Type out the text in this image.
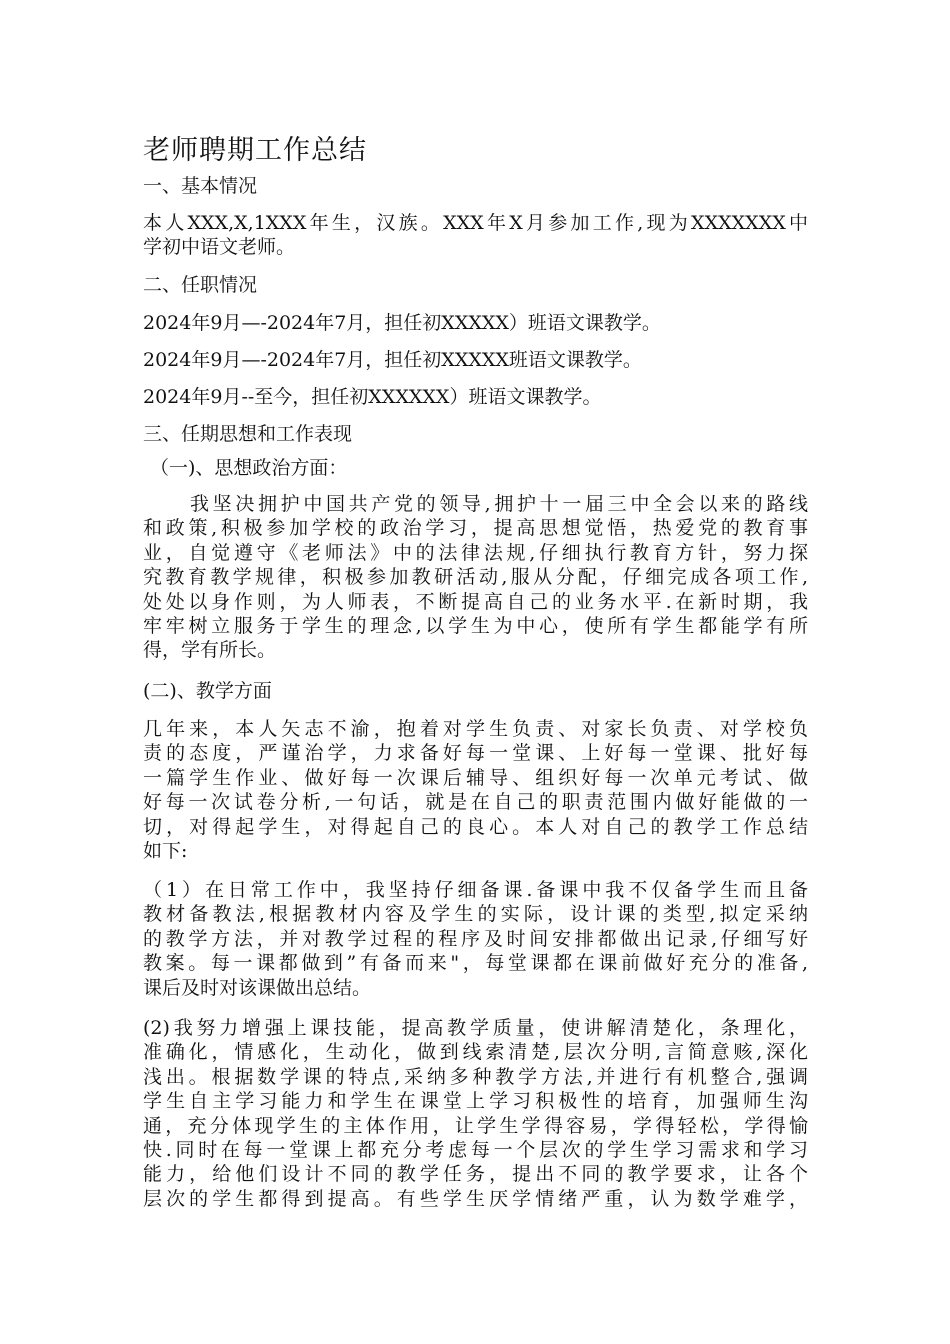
老师聘期工作总结

一、基本情况

本人XXX,X,1XXX年生，汉族。XXX年X月参加工作,现为XXXXXXX中
学初中语文老师。

二、任职情况

2024年9月—-2024年7月，担任初XXXXX）班语文课教学。

2024年9月—-2024年7月，担任初XXXXX班语文课教学。

2024年9月--至今，担任初XXXXXX）班语文课教学。

三、任期思想和工作表现

（一)、思想政治方面：

我坚决拥护中国共产党的领导,拥护十一届三中全会以来的路线
和政策,积极参加学校的政治学习，提高思想觉悟，热爱党的教育事
业，自觉遵守《老师法》中的法律法规,仔细执行教育方针，努力探
究教育教学规律，积极参加教研活动,服从分配，仔细完成各项工作,
处处以身作则，为人师表，不断提高自己的业务水平.在新时期，我
牢牢树立服务于学生的理念,以学生为中心，使所有学生都能学有所
得，学有所长。

(二)、教学方面

几年来，本人矢志不渝，抱着对学生负责、对家长负责、对学校负
责的态度，严谨治学，力求备好每一堂课、上好每一堂课、批好每
一篇学生作业、做好每一次课后辅导、组织好每一次单元考试、做
好每一次试卷分析,一句话，就是在自己的职责范围内做好能做的一
切，对得起学生，对得起自己的良心。本人对自己的教学工作总结
如下:
（1）在日常工作中，我坚持仔细备课.备课中我不仅备学生而且备
教材备教法,根据教材内容及学生的实际，设计课的类型,拟定采纳
的教学方法，并对教学过程的程序及时间安排都做出记录,仔细写好
教案。每一课都做到”有备而来"，每堂课都在课前做好充分的准备,
课后及时对该课做出总结。
(2)我努力增强上课技能，提高教学质量，使讲解清楚化，条理化，
准确化，情感化，生动化，做到线索清楚,层次分明,言简意赅,深化
浅出。根据数学课的特点,采纳多种教学方法,并进行有机整合,强调
学生自主学习能力和学生在课堂上学习积极性的培育，加强师生沟
通，充分体现学生的主体作用，让学生学得容易，学得轻松，学得愉
快.同时在每一堂课上都充分考虑每一个层次的学生学习需求和学习
能力，给他们设计不同的教学任务，提出不同的教学要求，让各个
层次的学生都得到提高。有些学生厌学情绪严重，认为数学难学，
